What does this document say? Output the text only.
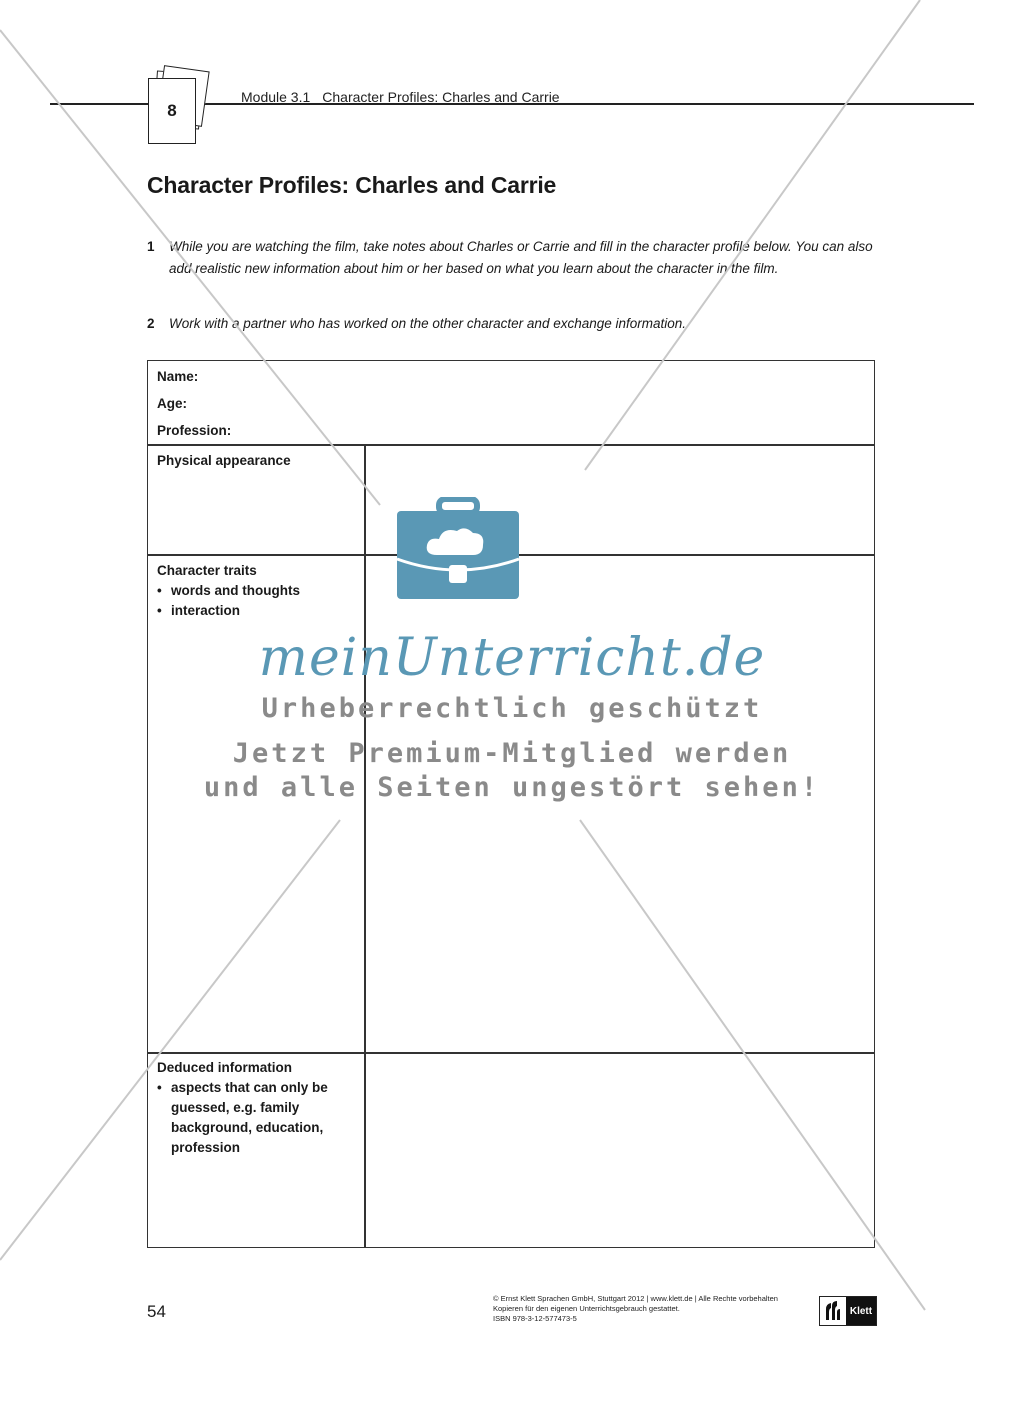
8
Module 3.1 Character Profiles: Charles and Carrie
Character Profiles: Charles and Carrie
1 While you are watching the film, take notes about Charles or Carrie and fill in the character profile below. You can also add realistic new information about him or her based on what you learn about the character in the film.
2 Work with a partner who has worked on the other character and exchange information.
Name:
Age:
Profession:
Physical appearance
Character traits
• words and thoughts
• interaction
Deduced information
• aspects that can only be guessed, e.g. family background, education, profession
54
© Ernst Klett Sprachen GmbH, Stuttgart 2012 | www.klett.de | Alle Rechte vorbehalten
Kopieren für den eigenen Unterrichtsgebrauch gestattet.
ISBN 978-3-12-577473-5
Klett
meinUnterricht.de
Urheberrechtlich geschützt
Jetzt Premium-Mitglied werden
und alle Seiten ungestört sehen!
